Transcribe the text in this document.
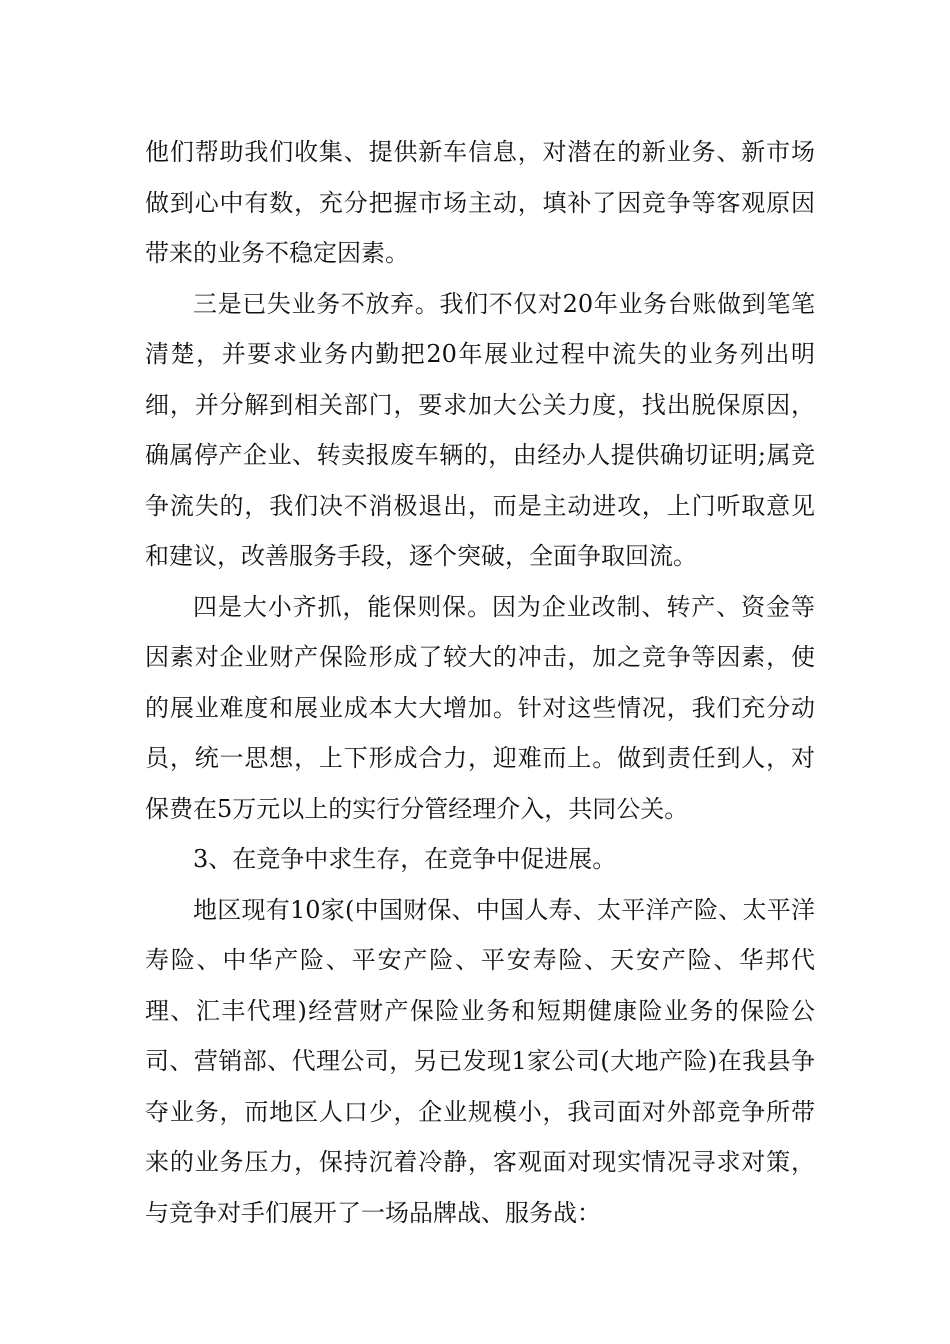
他们帮助我们收集、提供新车信息，对潜在的新业务、新市场做到心中有数，充分把握市场主动，填补了因竞争等客观原因带来的业务不稳定因素。

三是已失业务不放弃。我们不仅对20年业务台账做到笔笔清楚，并要求业务内勤把20年展业过程中流失的业务列出明细，并分解到相关部门，要求加大公关力度，找出脱保原因，确属停产企业、转卖报废车辆的，由经办人提供确切证明;属竞争流失的，我们决不消极退出，而是主动进攻，上门听取意见和建议，改善服务手段，逐个突破，全面争取回流。

四是大小齐抓，能保则保。因为企业改制、转产、资金等因素对企业财产保险形成了较大的冲击，加之竞争等因素，使的展业难度和展业成本大大增加。针对这些情况，我们充分动员，统一思想，上下形成合力，迎难而上。做到责任到人，对保费在5万元以上的实行分管经理介入，共同公关。

3、在竞争中求生存，在竞争中促进展。

地区现有10家(中国财保、中国人寿、太平洋产险、太平洋寿险、中华产险、平安产险、平安寿险、天安产险、华邦代理、汇丰代理)经营财产保险业务和短期健康险业务的保险公司、营销部、代理公司，另已发现1家公司(大地产险)在我县争夺业务，而地区人口少，企业规模小，我司面对外部竞争所带来的业务压力，保持沉着冷静，客观面对现实情况寻求对策，与竞争对手们展开了一场品牌战、服务战：
